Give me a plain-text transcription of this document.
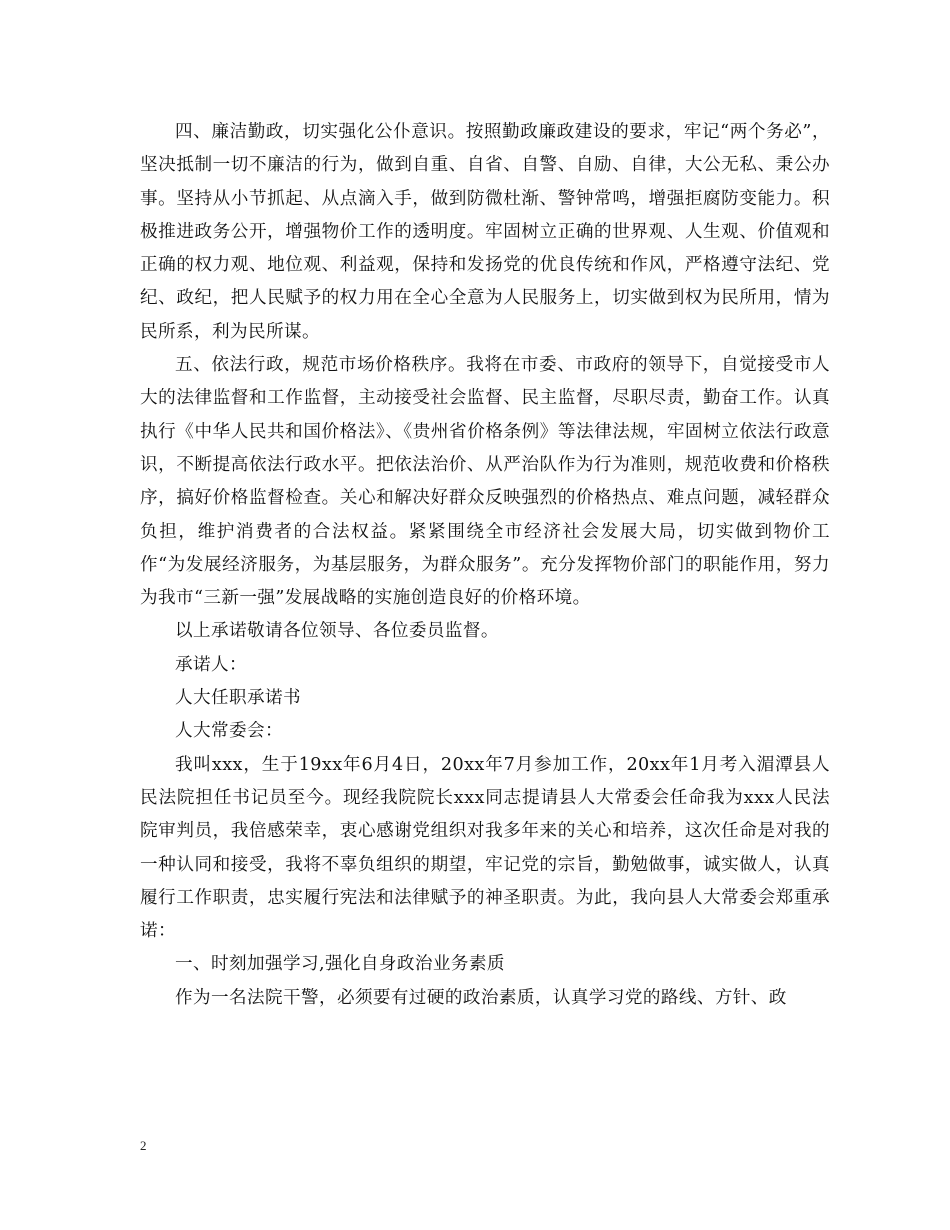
四、廉洁勤政，切实强化公仆意识。按照勤政廉政建设的要求，牢记“两个务必”，坚决抵制一切不廉洁的行为，做到自重、自省、自警、自励、自律，大公无私、秉公办事。坚持从小节抓起、从点滴入手，做到防微杜渐、警钟常鸣，增强拒腐防变能力。积极推进政务公开，增强物价工作的透明度。牢固树立正确的世界观、人生观、价值观和正确的权力观、地位观、利益观，保持和发扬党的优良传统和作风，严格遵守法纪、党纪、政纪，把人民赋予的权力用在全心全意为人民服务上，切实做到权为民所用，情为民所系，利为民所谋。

五、依法行政，规范市场价格秩序。我将在市委、市政府的领导下，自觉接受市人大的法律监督和工作监督，主动接受社会监督、民主监督，尽职尽责，勤奋工作。认真执行《中华人民共和国价格法》、《贵州省价格条例》等法律法规，牢固树立依法行政意识，不断提高依法行政水平。把依法治价、从严治队作为行为准则，规范收费和价格秩序，搞好价格监督检查。关心和解决好群众反映强烈的价格热点、难点问题，减轻群众负担，维护消费者的合法权益。紧紧围绕全市经济社会发展大局，切实做到物价工作“为发展经济服务，为基层服务，为群众服务”。充分发挥物价部门的职能作用，努力为我市“三新一强”发展战略的实施创造良好的价格环境。

以上承诺敬请各位领导、各位委员监督。

承诺人：

人大任职承诺书

人大常委会：

我叫xxx，生于19xx年6月4日，20xx年7月参加工作，20xx年1月考入湄潭县人民法院担任书记员至今。现经我院院长xxx同志提请县人大常委会任命我为xxx人民法院审判员，我倍感荣幸，衷心感谢党组织对我多年来的关心和培养，这次任命是对我的一种认同和接受，我将不辜负组织的期望，牢记党的宗旨，勤勉做事，诚实做人，认真履行工作职责，忠实履行宪法和法律赋予的神圣职责。为此，我向县人大常委会郑重承诺：

一、时刻加强学习,强化自身政治业务素质

作为一名法院干警，必须要有过硬的政治素质，认真学习党的路线、方针、政

2
